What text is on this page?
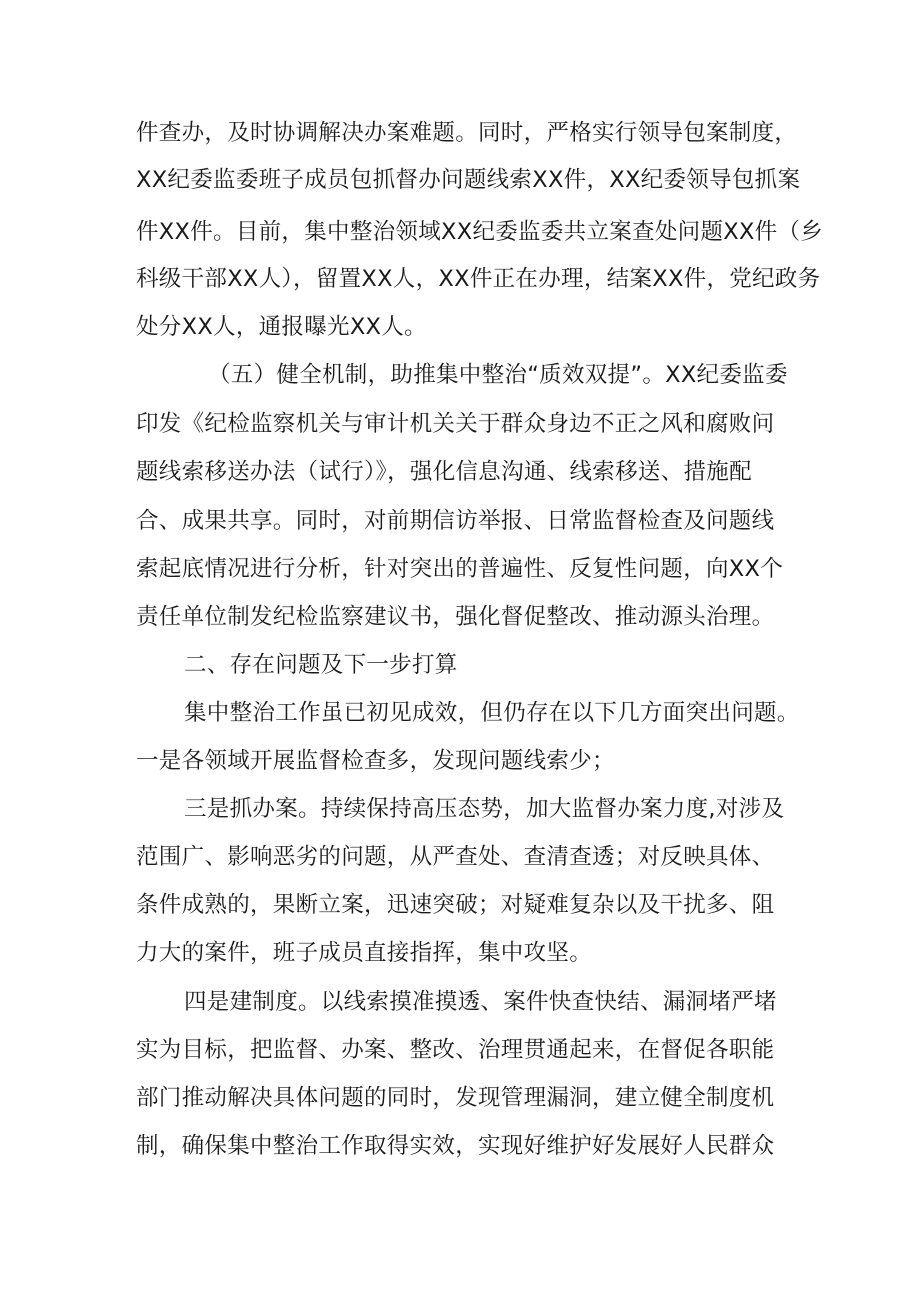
件查办，及时协调解决办案难题。同时，严格实行领导包案制度，
XX纪委监委班子成员包抓督办问题线索XX件，XX纪委领导包抓案
件XX件。目前，集中整治领域XX纪委监委共立案查处问题XX件（乡
科级干部XX人），留置XX人，XX件正在办理，结案XX件，党纪政务
处分XX人，通报曝光XX人。
（五）健全机制，助推集中整治“质效双提”。XX纪委监委
印发《纪检监察机关与审计机关关于群众身边不正之风和腐败问
题线索移送办法（试行）》，强化信息沟通、线索移送、措施配
合、成果共享。同时，对前期信访举报、日常监督检查及问题线
索起底情况进行分析，针对突出的普遍性、反复性问题，向XX个
责任单位制发纪检监察建议书，强化督促整改、推动源头治理。
二、存在问题及下一步打算
集中整治工作虽已初见成效，但仍存在以下几方面突出问题。
一是各领域开展监督检查多，发现问题线索少；
三是抓办案。持续保持高压态势，加大监督办案力度,对涉及
范围广、影响恶劣的问题，从严查处、查清查透；对反映具体、
条件成熟的，果断立案，迅速突破；对疑难复杂以及干扰多、阻
力大的案件，班子成员直接指挥，集中攻坚。
四是建制度。以线索摸准摸透、案件快查快结、漏洞堵严堵
实为目标，把监督、办案、整改、治理贯通起来，在督促各职能
部门推动解决具体问题的同时，发现管理漏洞，建立健全制度机
制，确保集中整治工作取得实效，实现好维护好发展好人民群众
